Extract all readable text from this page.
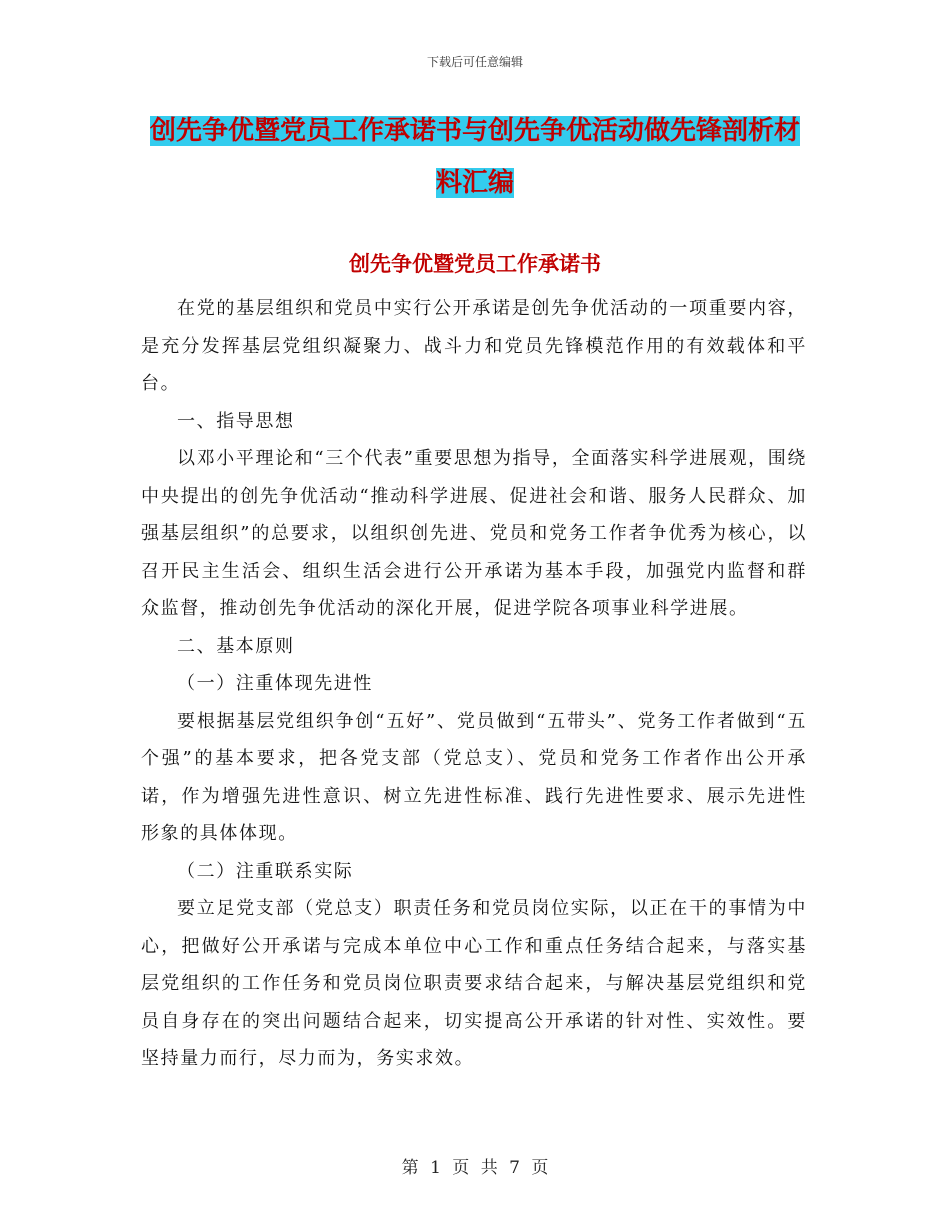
下载后可任意编辑
创先争优暨党员工作承诺书与创先争优活动做先锋剖析材料汇编
创先争优暨党员工作承诺书

在党的基层组织和党员中实行公开承诺是创先争优活动的一项重要内容，是充分发挥基层党组织凝聚力、战斗力和党员先锋模范作用的有效载体和平台。

一、指导思想

以邓小平理论和“三个代表”重要思想为指导，全面落实科学进展观，围绕中央提出的创先争优活动“推动科学进展、促进社会和谐、服务人民群众、加强基层组织”的总要求，以组织创先进、党员和党务工作者争优秀为核心，以召开民主生活会、组织生活会进行公开承诺为基本手段，加强党内监督和群众监督，推动创先争优活动的深化开展，促进学院各项事业科学进展。

二、基本原则

（一）注重体现先进性

要根据基层党组织争创“五好”、党员做到“五带头”、党务工作者做到“五个强”的基本要求，把各党支部（党总支）、党员和党务工作者作出公开承诺，作为增强先进性意识、树立先进性标准、践行先进性要求、展示先进性形象的具体体现。

（二）注重联系实际

要立足党支部（党总支）职责任务和党员岗位实际，以正在干的事情为中心，把做好公开承诺与完成本单位中心工作和重点任务结合起来，与落实基层党组织的工作任务和党员岗位职责要求结合起来，与解决基层党组织和党员自身存在的突出问题结合起来，切实提高公开承诺的针对性、实效性。要坚持量力而行，尽力而为，务实求效。

第 1 页 共 7 页
